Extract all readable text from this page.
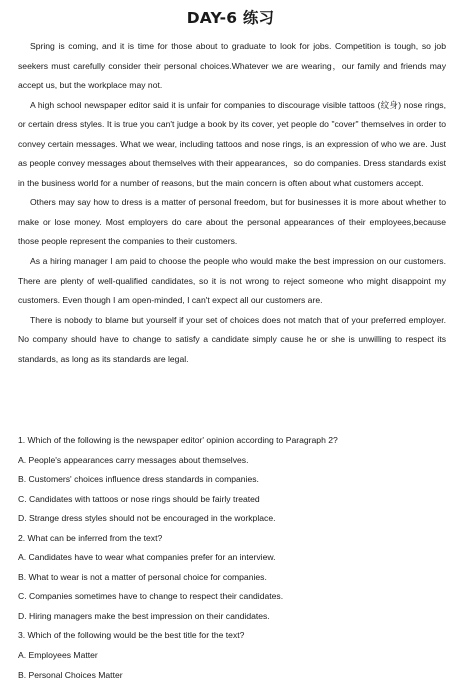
DAY-6 练习

Spring is coming, and it is time for those about to graduate to look for jobs. Competition is tough, so job seekers must carefully consider their personal choices.Whatever we are wearing，our family and friends may accept us, but the workplace may not.

A high school newspaper editor said it is unfair for companies to discourage visible tattoos (纹身) nose rings, or certain dress styles. It is true you can't judge a book by its cover, yet people do "cover" themselves in order to convey certain messages. What we wear, including tattoos and nose rings, is an expression of who we are. Just as people convey messages about themselves with their appearances，so do companies. Dress standards exist in the business world for a number of reasons, but the main concern is often about what customers accept.

Others may say how to dress is a matter of personal freedom, but for businesses it is more about whether to make or lose money. Most employers do care about the personal appearances of their employees,because those people represent the companies to their customers.

As a hiring manager I am paid to choose the people who would make the best impression on our customers. There are plenty of well-qualified candidates, so it is not wrong to reject someone who might disappoint my customers. Even though I am open-minded, I can't expect all our customers are.

There is nobody to blame but yourself if your set of choices does not match that of your preferred employer. No company should have to change to satisfy a candidate simply cause he or she is unwilling to respect its standards, as long as its standards are legal.

1. Which of the following is the newspaper editor' opinion according to Paragraph 2?
A. People's appearances carry messages about themselves.
B. Customers' choices influence dress standards in companies.
C. Candidates with tattoos or nose rings should be fairly treated
D. Strange dress styles should not be encouraged in the workplace.
2. What can be inferred from the text?
A. Candidates have to wear what companies prefer for an interview.
B. What to wear is not a matter of personal choice for companies.
C. Companies sometimes have to change to respect their candidates.
D. Hiring managers make the best impression on their candidates.
3. Which of the following would be the best title for the text?
A. Employees Matter
B. Personal Choices Matter
